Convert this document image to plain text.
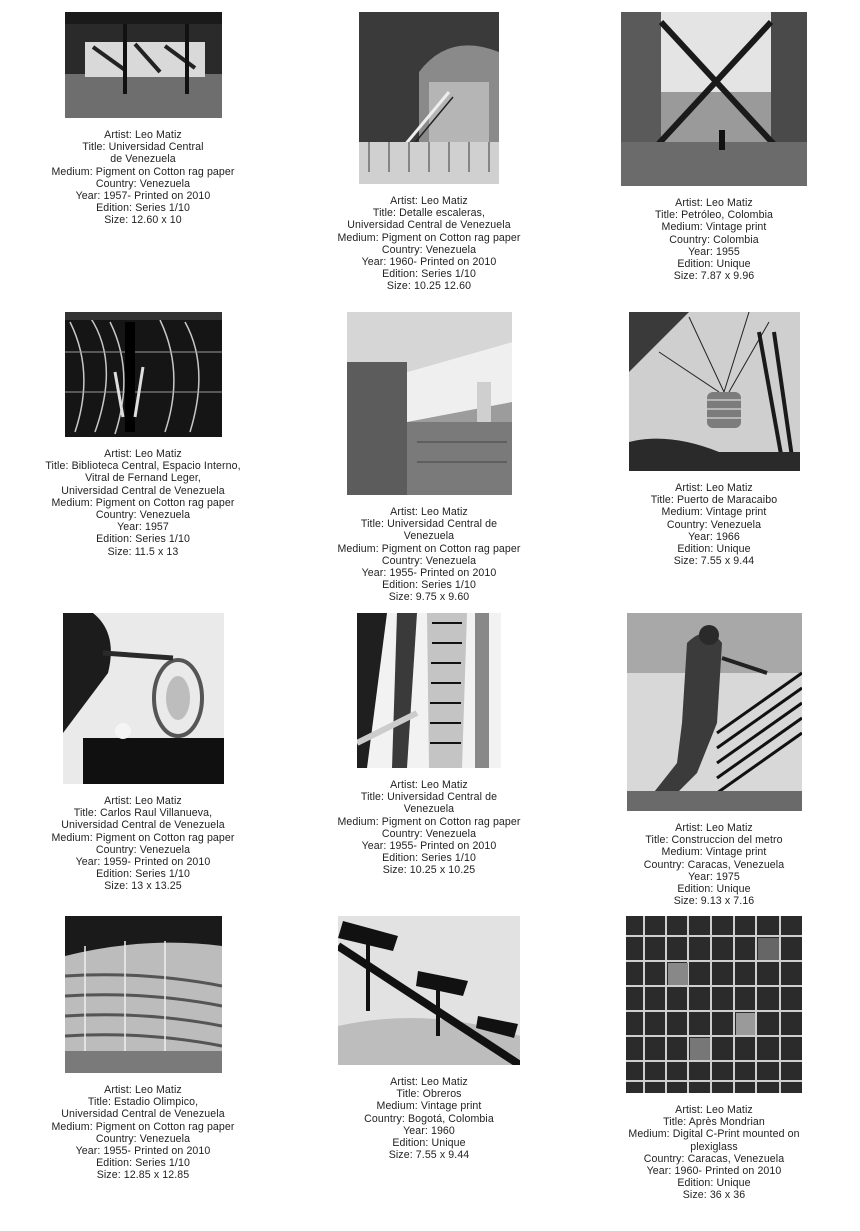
Artist: Leo Matiz
Title: Universidad Central
de Venezuela
Medium: Pigment on Cotton rag paper
Country: Venezuela
Year: 1957- Printed on 2010
Edition: Series 1/10
Size: 12.60 x 10
Artist: Leo Matiz
Title: Detalle escaleras,
Universidad Central de Venezuela
Medium: Pigment on Cotton rag paper
Country: Venezuela
Year: 1960- Printed on 2010
Edition: Series 1/10
Size: 10.25 12.60
Artist: Leo Matiz
Title: Petróleo, Colombia
Medium: Vintage print
Country: Colombia
Year: 1955
Edition: Unique
Size: 7.87 x 9.96
Artist: Leo Matiz
Title: Biblioteca Central, Espacio Interno,
Vitral de Fernand Leger,
Universidad Central de Venezuela
Medium: Pigment on Cotton rag paper
Country: Venezuela
Year: 1957
Edition: Series 1/10
Size: 11.5 x 13
Artist: Leo Matiz
Title: Universidad Central de
Venezuela
Medium: Pigment on Cotton rag paper
Country: Venezuela
Year: 1955- Printed on 2010
Edition: Series 1/10
Size: 9.75 x 9.60
Artist: Leo Matiz
Title: Puerto de Maracaibo
Medium: Vintage print
Country: Venezuela
Year: 1966
Edition: Unique
Size: 7.55 x 9.44
Artist: Leo Matiz
Title: Carlos Raul Villanueva,
Universidad Central de Venezuela
Medium: Pigment on Cotton rag paper
Country: Venezuela
Year: 1959- Printed on 2010
Edition: Series 1/10
Size: 13 x 13.25
Artist: Leo Matiz
Title: Universidad Central de
Venezuela
Medium: Pigment on Cotton rag paper
Country: Venezuela
Year: 1955- Printed on 2010
Edition: Series 1/10
Size: 10.25 x 10.25
Artist: Leo Matiz
Title: Construccion del metro
Medium: Vintage print
Country: Caracas, Venezuela
Year: 1975
Edition: Unique
Size: 9.13 x 7.16
Artist: Leo Matiz
Title: Estadio Olimpico,
Universidad Central de Venezuela
Medium: Pigment on Cotton rag paper
Country: Venezuela
Year: 1955- Printed on 2010
Edition: Series 1/10
Size: 12.85 x 12.85
Artist: Leo Matiz
Title: Obreros
Medium: Vintage print
Country: Bogotá, Colombia
Year: 1960
Edition: Unique
Size: 7.55 x 9.44
Artist: Leo Matiz
Title: Après Mondrian
Medium: Digital C-Print mounted on
plexiglass
Country: Caracas, Venezuela
Year: 1960- Printed on 2010
Edition: Unique
Size: 36 x 36
